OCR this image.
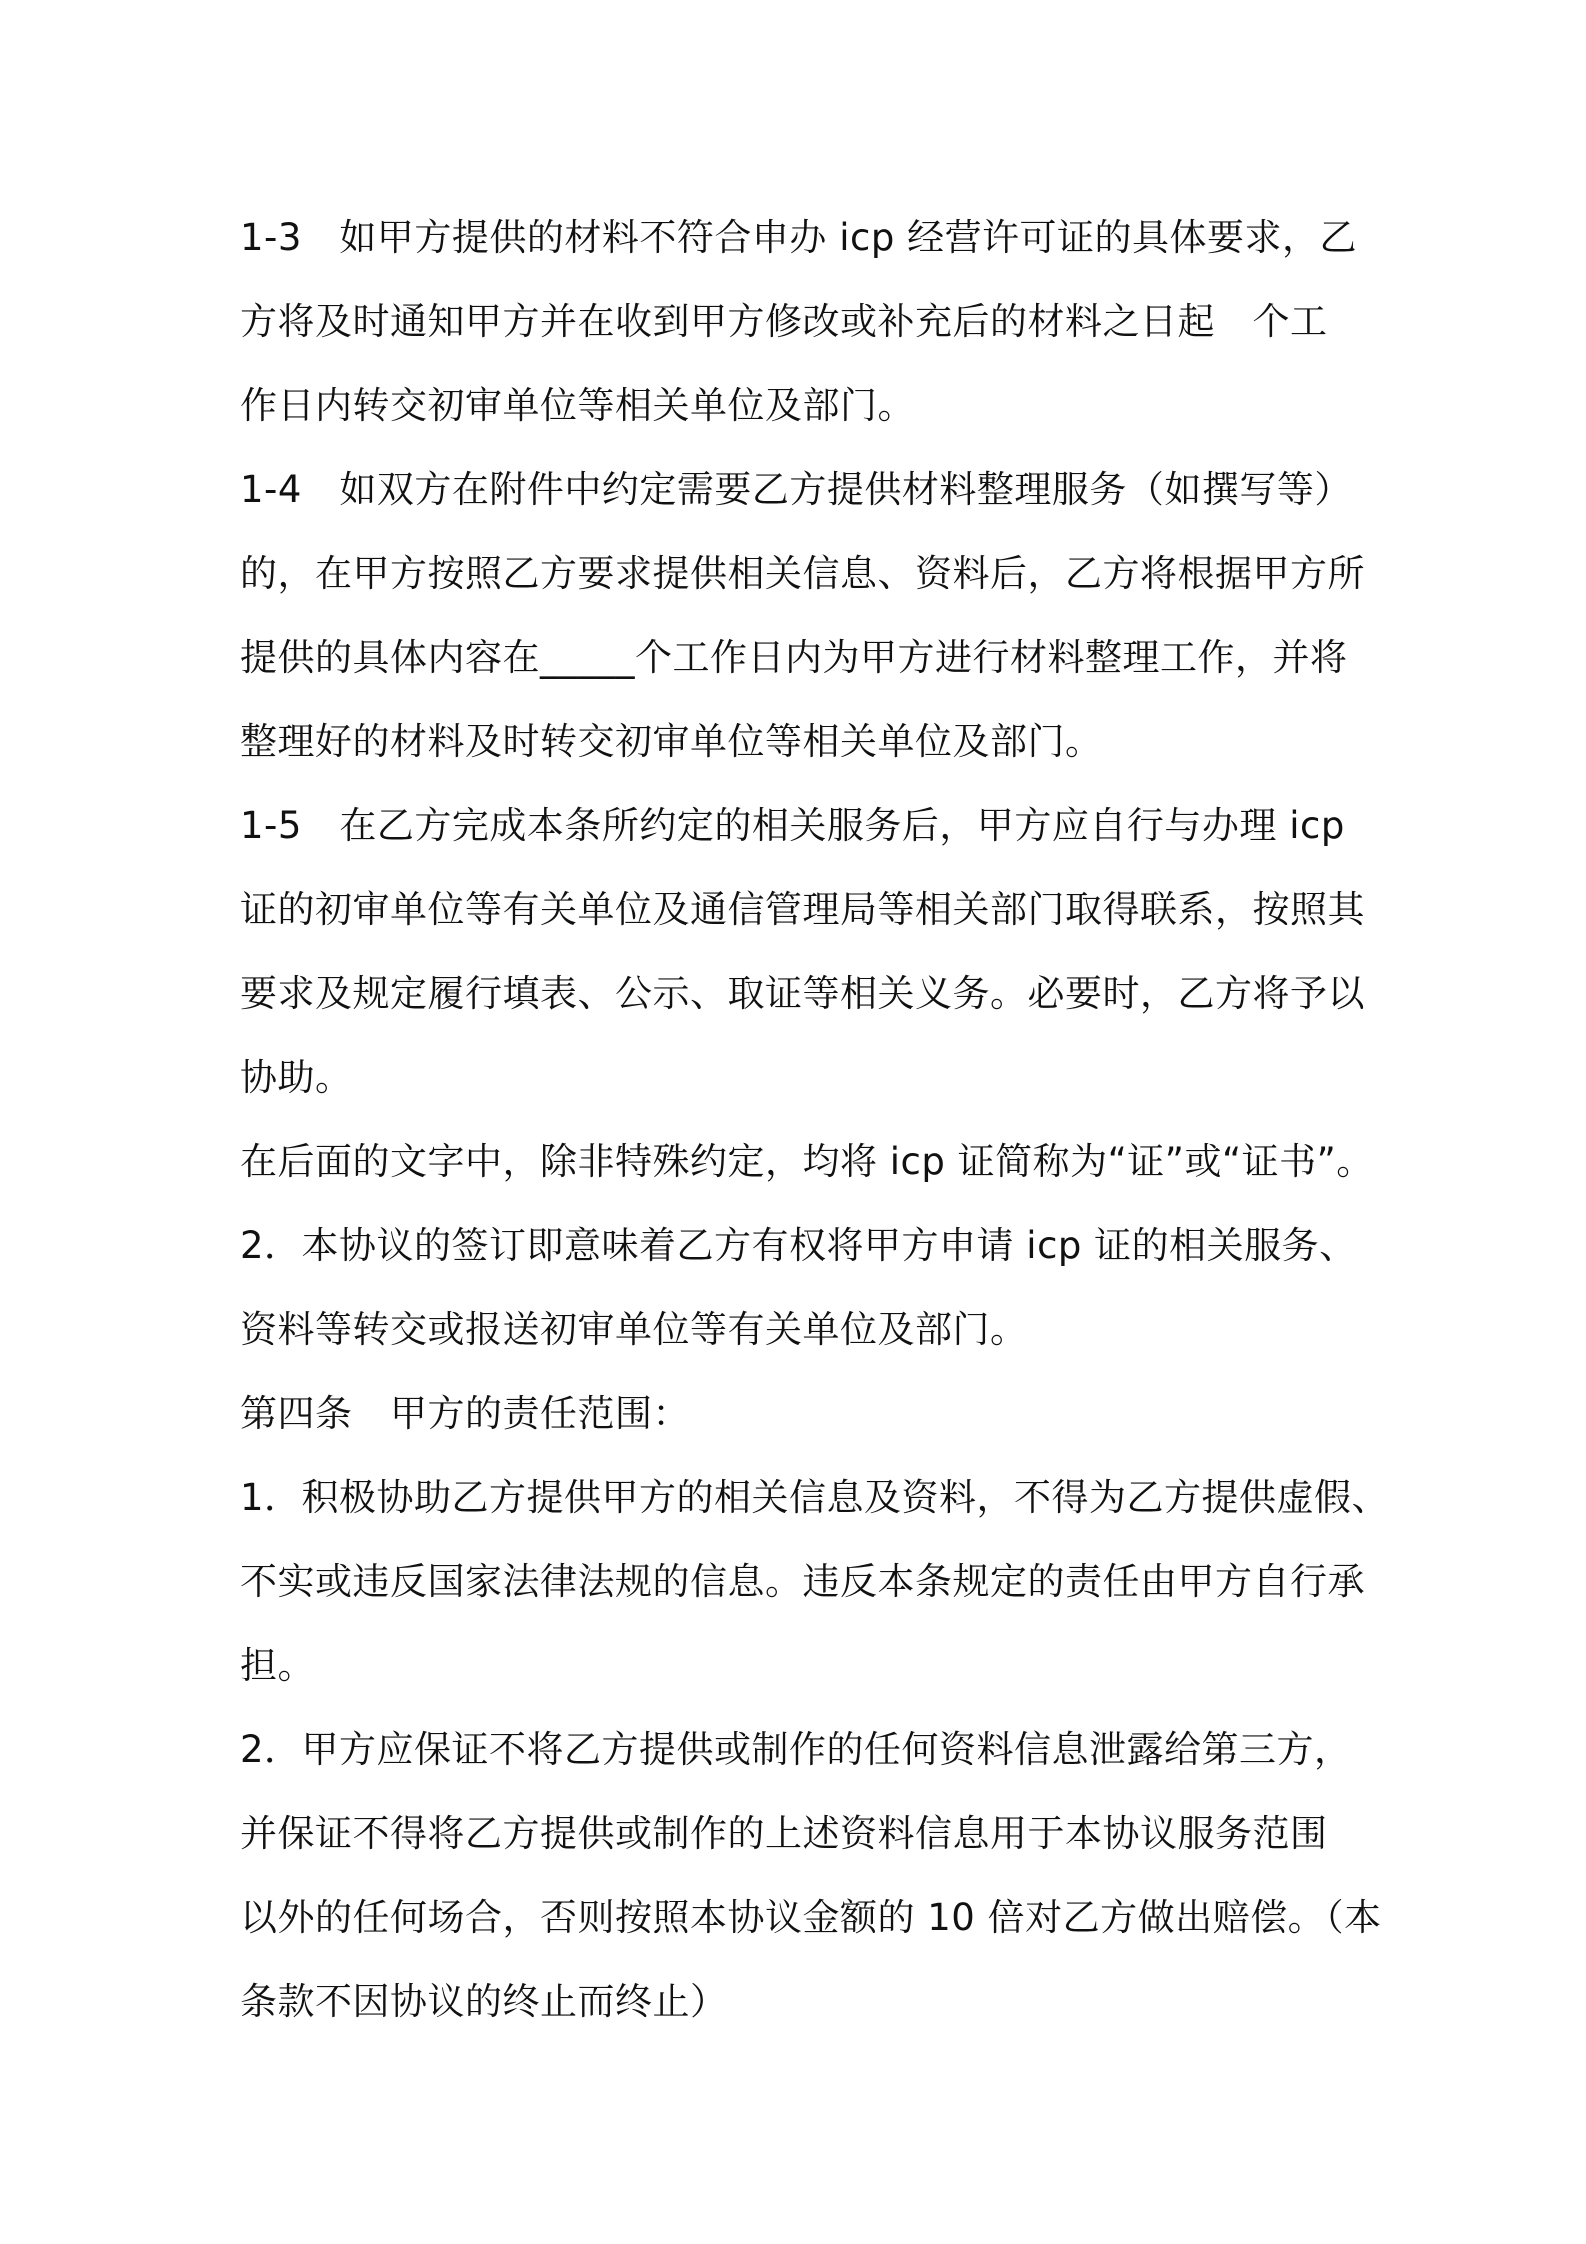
1-3　如甲方提供的材料不符合申办 icp 经营许可证的具体要求，乙
方将及时通知甲方并在收到甲方修改或补充后的材料之日起　个工
作日内转交初审单位等相关单位及部门。
1-4　如双方在附件中约定需要乙方提供材料整理服务（如撰写等）
的，在甲方按照乙方要求提供相关信息、资料后，乙方将根据甲方所
提供的具体内容在_____个工作日内为甲方进行材料整理工作，并将
整理好的材料及时转交初审单位等相关单位及部门。
1-5　在乙方完成本条所约定的相关服务后，甲方应自行与办理 icp
证的初审单位等有关单位及通信管理局等相关部门取得联系，按照其
要求及规定履行填表、公示、取证等相关义务。必要时，乙方将予以
协助。
在后面的文字中，除非特殊约定，均将 icp 证简称为“证”或“证书”。
2．本协议的签订即意味着乙方有权将甲方申请 icp 证的相关服务、
资料等转交或报送初审单位等有关单位及部门。
第四条　甲方的责任范围：
1．积极协助乙方提供甲方的相关信息及资料，不得为乙方提供虚假、
不实或违反国家法律法规的信息。违反本条规定的责任由甲方自行承
担。
2．甲方应保证不将乙方提供或制作的任何资料信息泄露给第三方，
并保证不得将乙方提供或制作的上述资料信息用于本协议服务范围
以外的任何场合，否则按照本协议金额的 10 倍对乙方做出赔偿。（本
条款不因协议的终止而终止）
